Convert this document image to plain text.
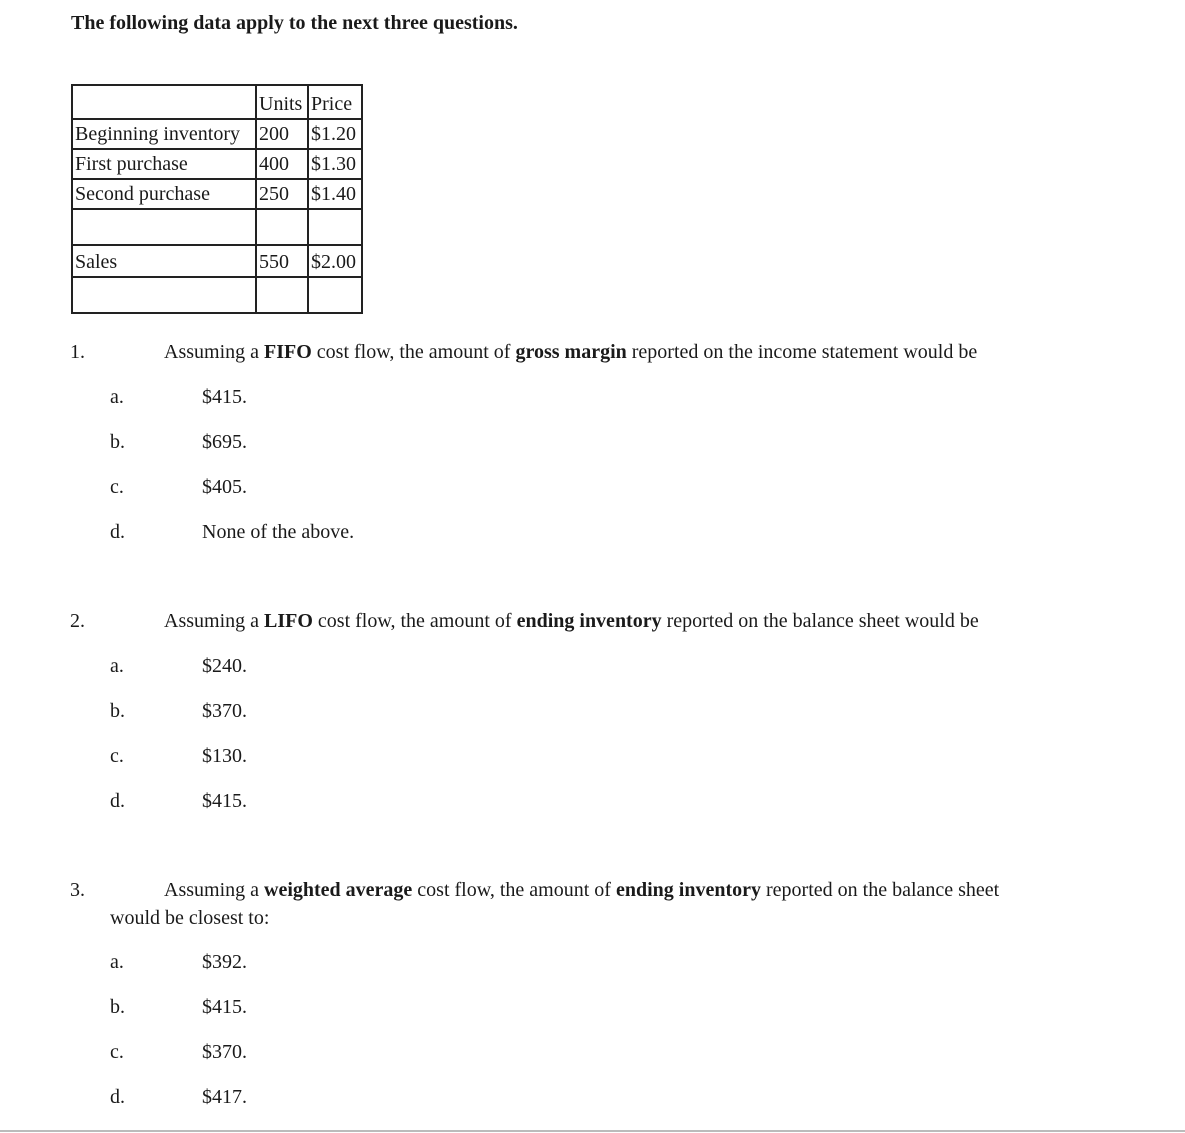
The following data apply to the next three questions.

	Units	Price
Beginning inventory	200	$1.20
First purchase	400	$1.30
Second purchase	250	$1.40

Sales	550	$2.00

1.	Assuming a FIFO cost flow, the amount of gross margin reported on the income statement would be
a.	$415.
b.	$695.
c.	$405.
d.	None of the above.
2.	Assuming a LIFO cost flow, the amount of ending inventory reported on the balance sheet would be
a.	$240.
b.	$370.
c.	$130.
d.	$415.
3.	Assuming a weighted average cost flow, the amount of ending inventory reported on the balance sheet
would be closest to:
a.	$392.
b.	$415.
c.	$370.
d.	$417.
